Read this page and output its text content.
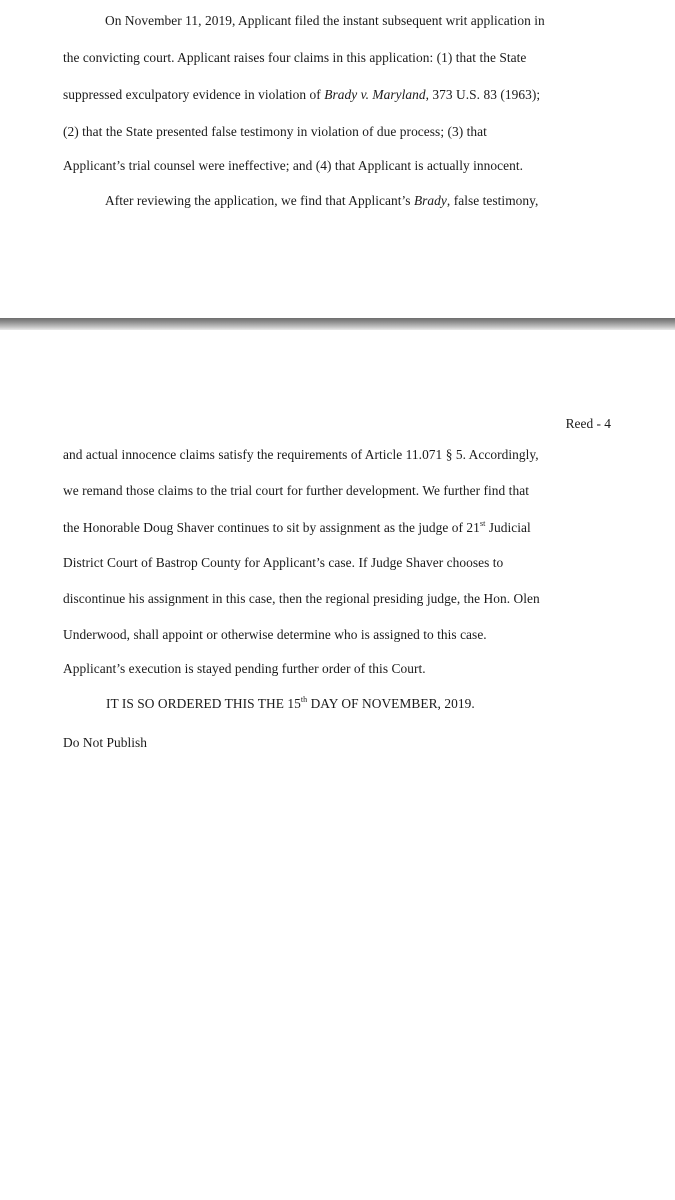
On November 11, 2019, Applicant filed the instant subsequent writ application in
the convicting court. Applicant raises four claims in this application: (1) that the State
suppressed exculpatory evidence in violation of Brady v. Maryland, 373 U.S. 83 (1963);
(2) that the State presented false testimony in violation of due process; (3) that
Applicant’s trial counsel were ineffective; and (4) that Applicant is actually innocent.
After reviewing the application, we find that Applicant’s Brady, false testimony,
Reed - 4
and actual innocence claims satisfy the requirements of Article 11.071 § 5. Accordingly,
we remand those claims to the trial court for further development. We further find that
the Honorable Doug Shaver continues to sit by assignment as the judge of 21st Judicial
District Court of Bastrop County for Applicant’s case. If Judge Shaver chooses to
discontinue his assignment in this case, then the regional presiding judge, the Hon. Olen
Underwood, shall appoint or otherwise determine who is assigned to this case.
Applicant’s execution is stayed pending further order of this Court.
IT IS SO ORDERED THIS THE 15th DAY OF NOVEMBER, 2019.
Do Not Publish
